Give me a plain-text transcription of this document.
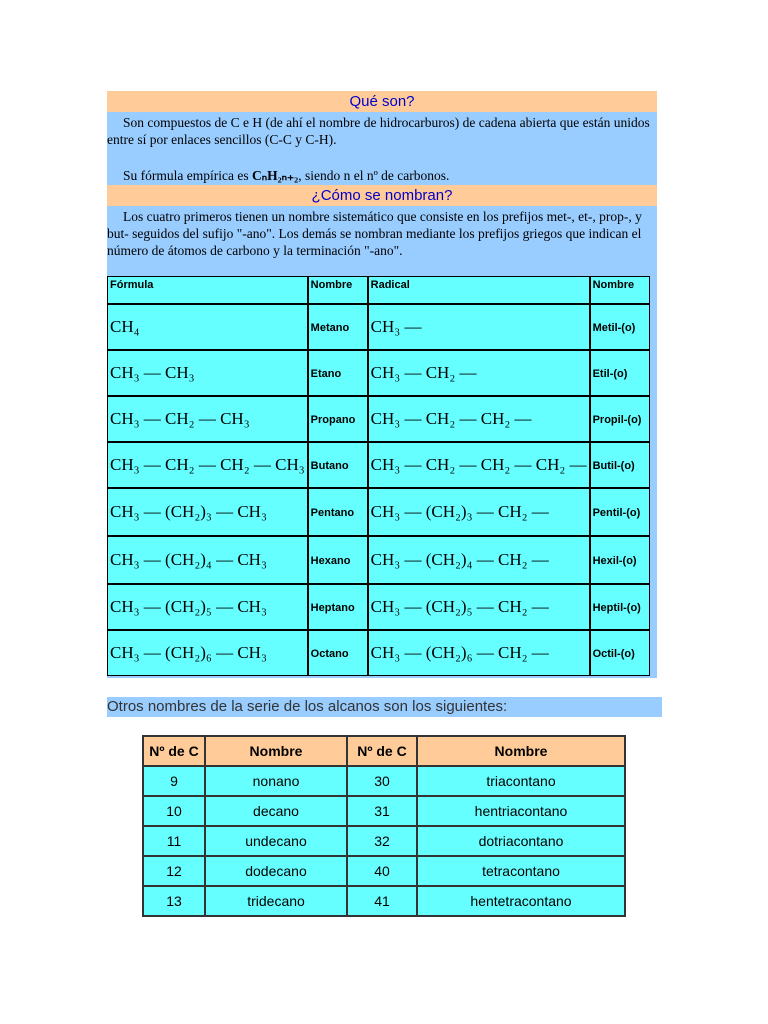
Qué son?
Son compuestos de C e H (de ahí el nombre de hidrocarburos) de cadena abierta que están unidos entre sí por enlaces sencillos (C-C y C-H).
Su fórmula empírica es CₙH₂ₙ₊₂, siendo n el nº de carbonos.
¿Cómo se nombran?
Los cuatro primeros tienen un nombre sistemático que consiste en los prefijos met-, et-, prop-, y but- seguidos del sufijo "-ano". Los demás se nombran mediante los prefijos griegos que indican el número de átomos de carbono y la terminación "-ano".
Fórmula	Nombre	Radical	Nombre
CH₄	Metano	CH₃ —	Metil-(o)
CH₃ — CH₃	Etano	CH₃ — CH₂ —	Etil-(o)
CH₃ — CH₂ — CH₃	Propano	CH₃ — CH₂ — CH₂ —	Propil-(o)
CH₃ — CH₂ — CH₂ — CH₃	Butano	CH₃ — CH₂ — CH₂ — CH₂ —	Butil-(o)
CH₃ — (CH₂)₃ — CH₃	Pentano	CH₃ — (CH₂)₃ — CH₂ —	Pentil-(o)
CH₃ — (CH₂)₄ — CH₃	Hexano	CH₃ — (CH₂)₄ — CH₂ —	Hexil-(o)
CH₃ — (CH₂)₅ — CH₃	Heptano	CH₃ — (CH₂)₅ — CH₂ —	Heptil-(o)
CH₃ — (CH₂)₆ — CH₃	Octano	CH₃ — (CH₂)₆ — CH₂ —	Octil-(o)
Otros nombres de la serie de los alcanos son los siguientes:
Nº de C	Nombre	Nº de C	Nombre
9	nonano	30	triacontano
10	decano	31	hentriacontano
11	undecano	32	dotriacontano
12	dodecano	40	tetracontano
13	tridecano	41	hentetracontano
